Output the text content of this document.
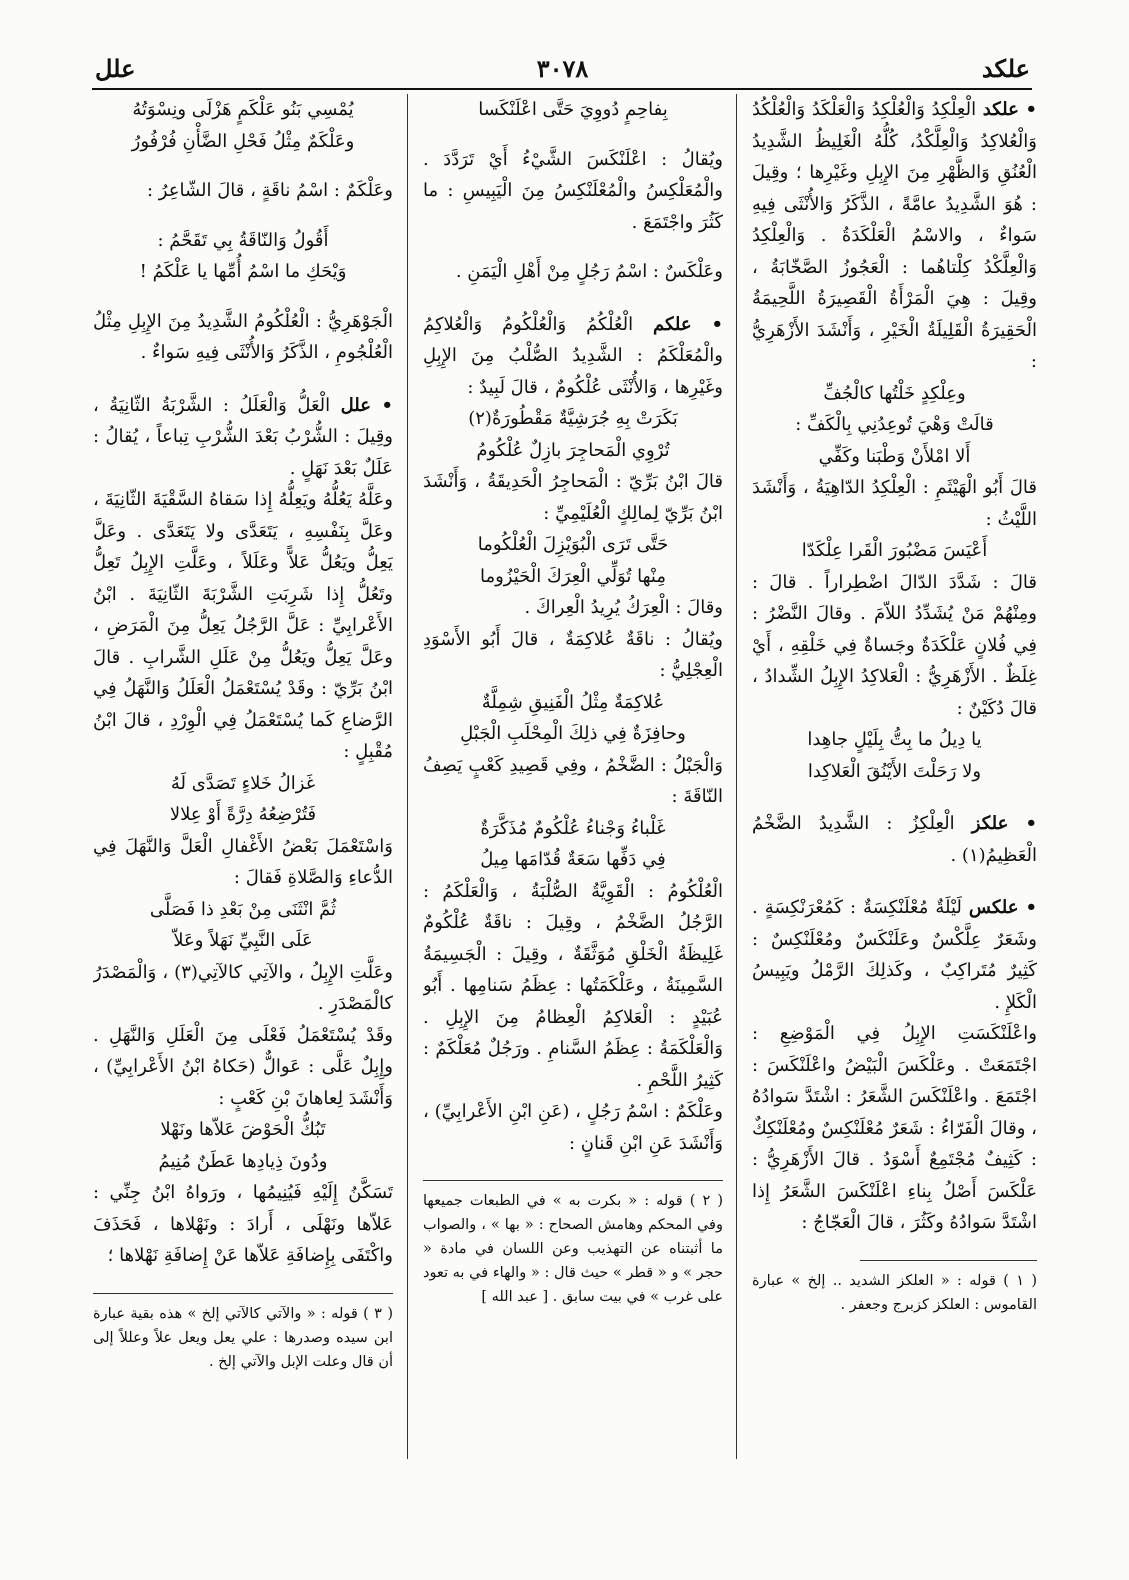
علكد
٣٠٧٨
علل

• علكد الْعِلْكِدُ وَالْعُلْكِدُ وَالْعَلْكَدُ وَالْعُلْكُدُ وَالْعُلاكِدُ وَالْعِلَّكْدُ، كُلُّهُ الْغَلِيظُ الشَّدِيدُ الْعُنُقِ وَالظَّهْرِ مِنَ الإِبِلِ وغَيْرِها ؛ وقِيلَ : هُوَ الشَّدِيدُ عامَّةً ، الذَّكَرُ وَالأُنْثَى فِيهِ سَواءٌ ، والاسْمُ الْعَلْكَدَةُ . وَالْعِلْكِدُ وَالْعِلَّكْدُ كِلْتاهُما : الْعَجُوزُ الصَّخّابَةُ ، وقِيلَ : هِيَ الْمَرْأَةُ الْقَصِيرَةُ اللَّحِيمَةُ الْحَقِيرَةُ الْقَلِيلَةُ الْخَيْرِ ، وَأَنْشَدَ الأَزْهَرِيُّ :

وعِلْكِدٍ خَلْتُها كالْجُفِّ

قالَتْ وَهْيَ تُوعِدُنِي بِالْكَفِّ :

أَلا امْلأَنْ وَطْبَنا وكَفِّي

قالَ أَبُو الْهَيْثَمِ : الْعِلْكِدُ الدّاهِيَةُ ، وَأَنْشَدَ اللَّيْثُ :

أَعْيَسَ مَضْبُورَ الْقَرا عِلْكَدّا

قالَ : شَدَّدَ الدّالَ اضْطِراراً . قالَ : ومِنْهُمْ مَنْ يُشَدِّدُ اللاّمَ . وقالَ النَّضْرُ : فِي فُلانٍ عَلْكَدَةٌ وجَساةٌ فِي خَلْقِهِ ، أَيْ غِلَظٌ . الأَزْهَرِيُّ : الْعَلاكِدُ الإِبِلُ الشِّدادُ ، قالَ دُكَيْنٌ :

يا دِيلُ ما بِتُّ بِلَيْلٍ جاهِدا

ولا رَحَلْتَ الأَيْنُقَ الْعَلاكِدا

• علكز الْعِلْكِزُ : الشَّدِيدُ الضَّخْمُ الْعَظِيمُ(١) .

• علكس لَيْلَةٌ مُعْلَنْكِسَةٌ : كَمُعْرَنْكِسَةٍ . وشَعَرٌ عِلَّكْسٌ وعَلَنْكَسٌ ومُعْلَنْكِسٌ : كَثِيرٌ مُتَراكِبٌ ، وكَذلِكَ الرَّمْلُ ويَبِيسُ الْكَلإِ .

واعْلَنْكَسَتِ الإِبِلُ فِي الْمَوْضِعِ : اجْتَمَعَتْ . وعَلْكَسَ الْبَيْضُ واعْلَنْكَسَ : اجْتَمَعَ . واعْلَنْكَسَ الشَّعَرُ : اشْتَدَّ سَوادُهُ ، وقالَ الْفَرّاءُ : شَعَرٌ مُعْلَنْكِسٌ ومُعْلَنْكِكٌ : كَثِيفٌ مُجْتَمِعٌ أَسْوَدُ . قالَ الأَزْهَرِيُّ : عَلْكَسَ أَصْلُ بِناءِ اعْلَنْكَسَ الشَّعَرُ إِذا اشْتَدَّ سَوادُهُ وكَثُرَ ، قالَ الْعَجّاجُ :

( ١ ) قوله : « العلكز الشديد .. إلخ » عبارة القاموس : العلكز كزبرج وجعفر .

بِفاحِمٍ دُووِيَ حَتَّى اعْلَنْكَسا

ويُقالُ : اعْلَنْكَسَ الشَّيْءُ أَيْ تَرَدَّدَ . والْمُعَلْكِسُ والْمُعْلَنْكِسُ مِنَ الْيَبِيسِ : ما كَثُرَ واجْتَمَعَ .

وعَلْكَسٌ : اسْمُ رَجُلٍ مِنْ أَهْلِ الْيَمَنِ .

• علكم الْعُلْكُمُ وَالْعُلْكُومُ وَالْعُلاكِمُ والْمُعَلْكَمُ : الشَّدِيدُ الصُّلْبُ مِنَ الإِبِلِ وغَيْرِها ، وَالأُنْثَى عُلْكُومٌ ، قالَ لَبِيدٌ :

بَكَرَتْ بِهِ جُرَشِيَّةٌ مَقْطُورَةٌ(٢)

تُرْوِي الْمَحاجِرَ بازِلٌ عُلْكُومُ

قالَ ابْنُ بَرِّيّ : الْمَحاجِرُ الْحَدِيقَةُ ، وَأَنْشَدَ ابْنُ بَرِّيّ لِمالِكٍ الْعُلَيْمِيِّ :

حَتَّى تَرَى الْبُوَيْزِلَ الْعُلْكُوما

مِنْها تُوَلِّي الْعِرَكَ الْحَيْزُوما

وقالَ : الْعِرَكُ يُرِيدُ الْعِراكَ .

ويُقالُ : ناقَةٌ عُلاكِمَةٌ ، قالَ أَبُو الأَسْوَدِ الْعِجْلِيُّ :

عُلاكِمَةٌ مِثْلُ الْفَنِيقِ شِمِلَّةٌ

وحافِزَةٌ فِي ذلِكَ الْمِحْلَبِ الْجَبْلِ

وَالْجَبْلُ : الضَّخْمُ ، وفِي قَصِيدِ كَعْبٍ يَصِفُ النّاقَةَ :

غَلْباءُ وَجْناءُ عُلْكُومٌ مُذَكَّرَةٌ

فِي دَفِّها سَعَةٌ قُدّامَها مِيلُ

الْعُلْكُومُ : الْقَوِيَّةُ الصُّلْبَةُ ، وَالْعَلْكَمُ : الرَّجُلُ الضَّخْمُ ، وقِيلَ : ناقَةٌ عُلْكُومٌ غَلِيظَةُ الْخَلْقِ مُوَثَّقَةٌ ، وقِيلَ : الْجَسِيمَةُ السَّمِينَةُ ، وعَلْكَمَتُها : عِظَمُ سَنامِها . أَبُو عُبَيْدٍ : الْعَلاكِمُ الْعِظامُ مِنَ الإِبِلِ . وَالْعَلْكَمَةُ : عِظَمُ السَّنامِ . ورَجُلٌ مُعَلْكَمٌ : كَثِيرُ اللَّحْمِ .

وعَلْكَمٌ : اسْمُ رَجُلٍ ، (عَنِ ابْنِ الأَعْرابِيِّ) ، وَأَنْشَدَ عَنِ ابْنِ قَنانٍ :

( ٢ ) قوله : « بكرت به » في الطبعات جميعها وفي المحكم وهامش الصحاح : « بها » ، والصواب ما أثبتناه عن التهذيب وعن اللسان في مادة « حجر » و « قطر » حيث قال : « والهاء في به تعود على غرب » في بيت سابق . [ عبد الله ]

يُمْسِي بَنُو عَلْكَمٍ هَزْلَى ونِسْوَتُهُ

وعَلْكَمٌ مِثْلُ فَحْلِ الضَّأْنِ فُرْفُورُ

وعَلْكَمٌ : اسْمُ ناقَةٍ ، قالَ الشّاعِرُ :

أَقُولُ وَالنّاقَةُ بِي تَقَحَّمُ :

وَيْحَكِ ما اسْمُ أُمِّها يا عَلْكَمُ !

الْجَوْهَرِيُّ : الْعُلْكُومُ الشَّدِيدُ مِنَ الإِبِلِ مِثْلُ الْعُلْجُومِ ، الذَّكَرُ وَالأُنْثَى فِيهِ سَواءٌ .

• علل الْعَلُّ وَالْعَلَلُ : الشَّرْبَةُ الثّانِيَةُ ، وقِيلَ : الشُّرْبُ بَعْدَ الشُّرْبِ تِباعاً ، يُقالُ : عَلَلٌ بَعْدَ نَهَلٍ .

وعَلَّهُ يَعُلُّهُ ويَعِلُّهُ إِذا سَقاهُ السَّقْيَةَ الثّانِيَةَ ، وعَلَّ بِنَفْسِهِ ، يَتَعَدَّى ولا يَتَعَدَّى . وعَلَّ يَعِلُّ ويَعُلُّ عَلاًّ وعَلَلاً ، وعَلَّتِ الإِبِلُ تَعِلُّ وتَعُلُّ إِذا شَرِبَتِ الشَّرْبَةَ الثّانِيَةَ . ابْنُ الأَعْرابِيِّ : عَلَّ الرَّجُلُ يَعِلُّ مِنَ الْمَرَضِ ، وعَلَّ يَعِلُّ ويَعُلُّ مِنْ عَلَلِ الشَّرابِ . قالَ ابْنُ بَرِّيّ : وقَدْ يُسْتَعْمَلُ الْعَلَلُ وَالنَّهَلُ فِي الرَّضاعِ كَما يُسْتَعْمَلُ فِي الْوِرْدِ ، قالَ ابْنُ مُقْبِلٍ :

غَزالُ خَلاءٍ تَصَدَّى لَهُ

فَتُرْضِعُهُ دِرَّةً أَوْ عِلالا

وَاسْتَعْمَلَ بَعْضُ الأَغْفالِ الْعَلَّ وَالنَّهَلَ فِي الدُّعاءِ وَالصَّلاةِ فَقالَ :

ثُمَّ انْثَنَى مِنْ بَعْدِ ذا فَصَلَّى

عَلَى النَّبِيِّ نَهَلاً وعَلاّ

وعَلَّتِ الإِبِلُ ، والآتِي كالآتِي(٣) ، وَالْمَصْدَرُ كالْمَصْدَرِ .

وقَدْ يُسْتَعْمَلُ فَعْلَى مِنَ الْعَلَلِ وَالنَّهَلِ . وإِبِلٌ عَلَّى : عَوالٌّ (حَكاهُ ابْنُ الأَعْرابِيِّ) ، وَأَنْشَدَ لِعاهانَ بْنِ كَعْبٍ :

تَبُكُّ الْحَوْضَ عَلاّها ونَهْلا

ودُونَ ذِيادِها عَطَنٌ مُنِيمُ

تَسَكَّنُ إِلَيْهِ فَيُنِيمُها ، ورَواهُ ابْنُ جِنِّي : عَلاّها ونَهْلَى ، أَرادَ : ونَهْلاها ، فَحَذَفَ واكْتَفَى بِإِضافَةِ عَلاّها عَنْ إِضافَةِ نَهْلاها ؛

( ٣ ) قوله : « والآتي كالآتي إلخ » هذه بقية عبارة ابن سيده وصدرها : علي يعل ويعل علاً وعللاً إلى أن قال وعلت الإبل والآتي إلخ .
